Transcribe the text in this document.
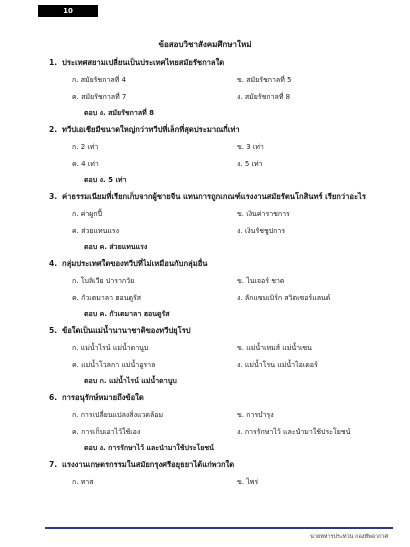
10
ข้อสอบวิชาสังคมศึกษาใหม่
1. ประเทศสยามเปลี่ยนเป็นประเทศไทยสมัยรัชกาลใด
ก. สมัยรัชกาลที่ 4	ข. สมัยรัชกาลที่ 5
ค. สมัยรัชกาลที่ 7	ง. สมัยรัชกาลที่ 8
ตอบ ง. สมัยรัชกาลที่ 8
2. ทวีปเอเชียมีขนาดใหญ่กว่าทวีปที่เล็กที่สุดประมาณกี่เท่า
ก. 2 เท่า	ข. 3 เท่า
ค. 4 เท่า	ง. 5 เท่า
ตอบ ง. 5 เท่า
3. ค่าธรรมเนียมที่เรียกเก็บจากผู้ชายจีน แทนการถูกเกณฑ์แรงงานสมัยรัตนโกสินทร์ เรียกว่าอะไร
ก. ค่าผูกปี้	ข. เงินค่าราชการ
ค. ส่วยแทนแรง	ง. เงินรัชชูปการ
ตอบ ค. ส่วยแทนแรง
4. กลุ่มประเทศใดของทวีปที่ไม่เหมือนกับกลุ่มอื่น
ก. โบลิเวีย ปารากวัย	ข. ไนเจอร์ ชาด
ค. กัวเตมาลา ฮอนดูรัส	ง. ลักแซมเบิร์ก สวิตเซอร์แลนด์
ตอบ ค. กัวเตมาลา ฮอนดูรัส
5. ข้อใดเป็นแม่น้ำนานาชาติของทวีปยุโรป
ก. แม่น้ำไรน์ แม่น้ำดานูบ	ข. แม่น้ำเทมส์ แม่น้ำเซน
ค. แม่น้ำโวลกา แม่น้ำอูราล	ง. แม่น้ำโรน แม่น้ำไอเดอร์
ตอบ ก. แม่น้ำไรน์ แม่น้ำดานูบ
6. การอนุรักษ์หมายถึงข้อใด
ก. การเปลี่ยนแปลงสิ่งแวดล้อม	ข. การบำรุง
ค. การเก็บเอาไว้ใช้เอง	ง. การรักษาไว้ และนำมาใช้ประโยชน์
ตอบ ง. การรักษาไว้ และนำมาใช้ประโยชน์
7. แรงงานเกษตรกรรมในสมัยกรุงศรีอยุธยาได้แก่พวกใด
ก. ทาส	ข. ไพร่
นายทหารประทวน กองทัพอากาศ
